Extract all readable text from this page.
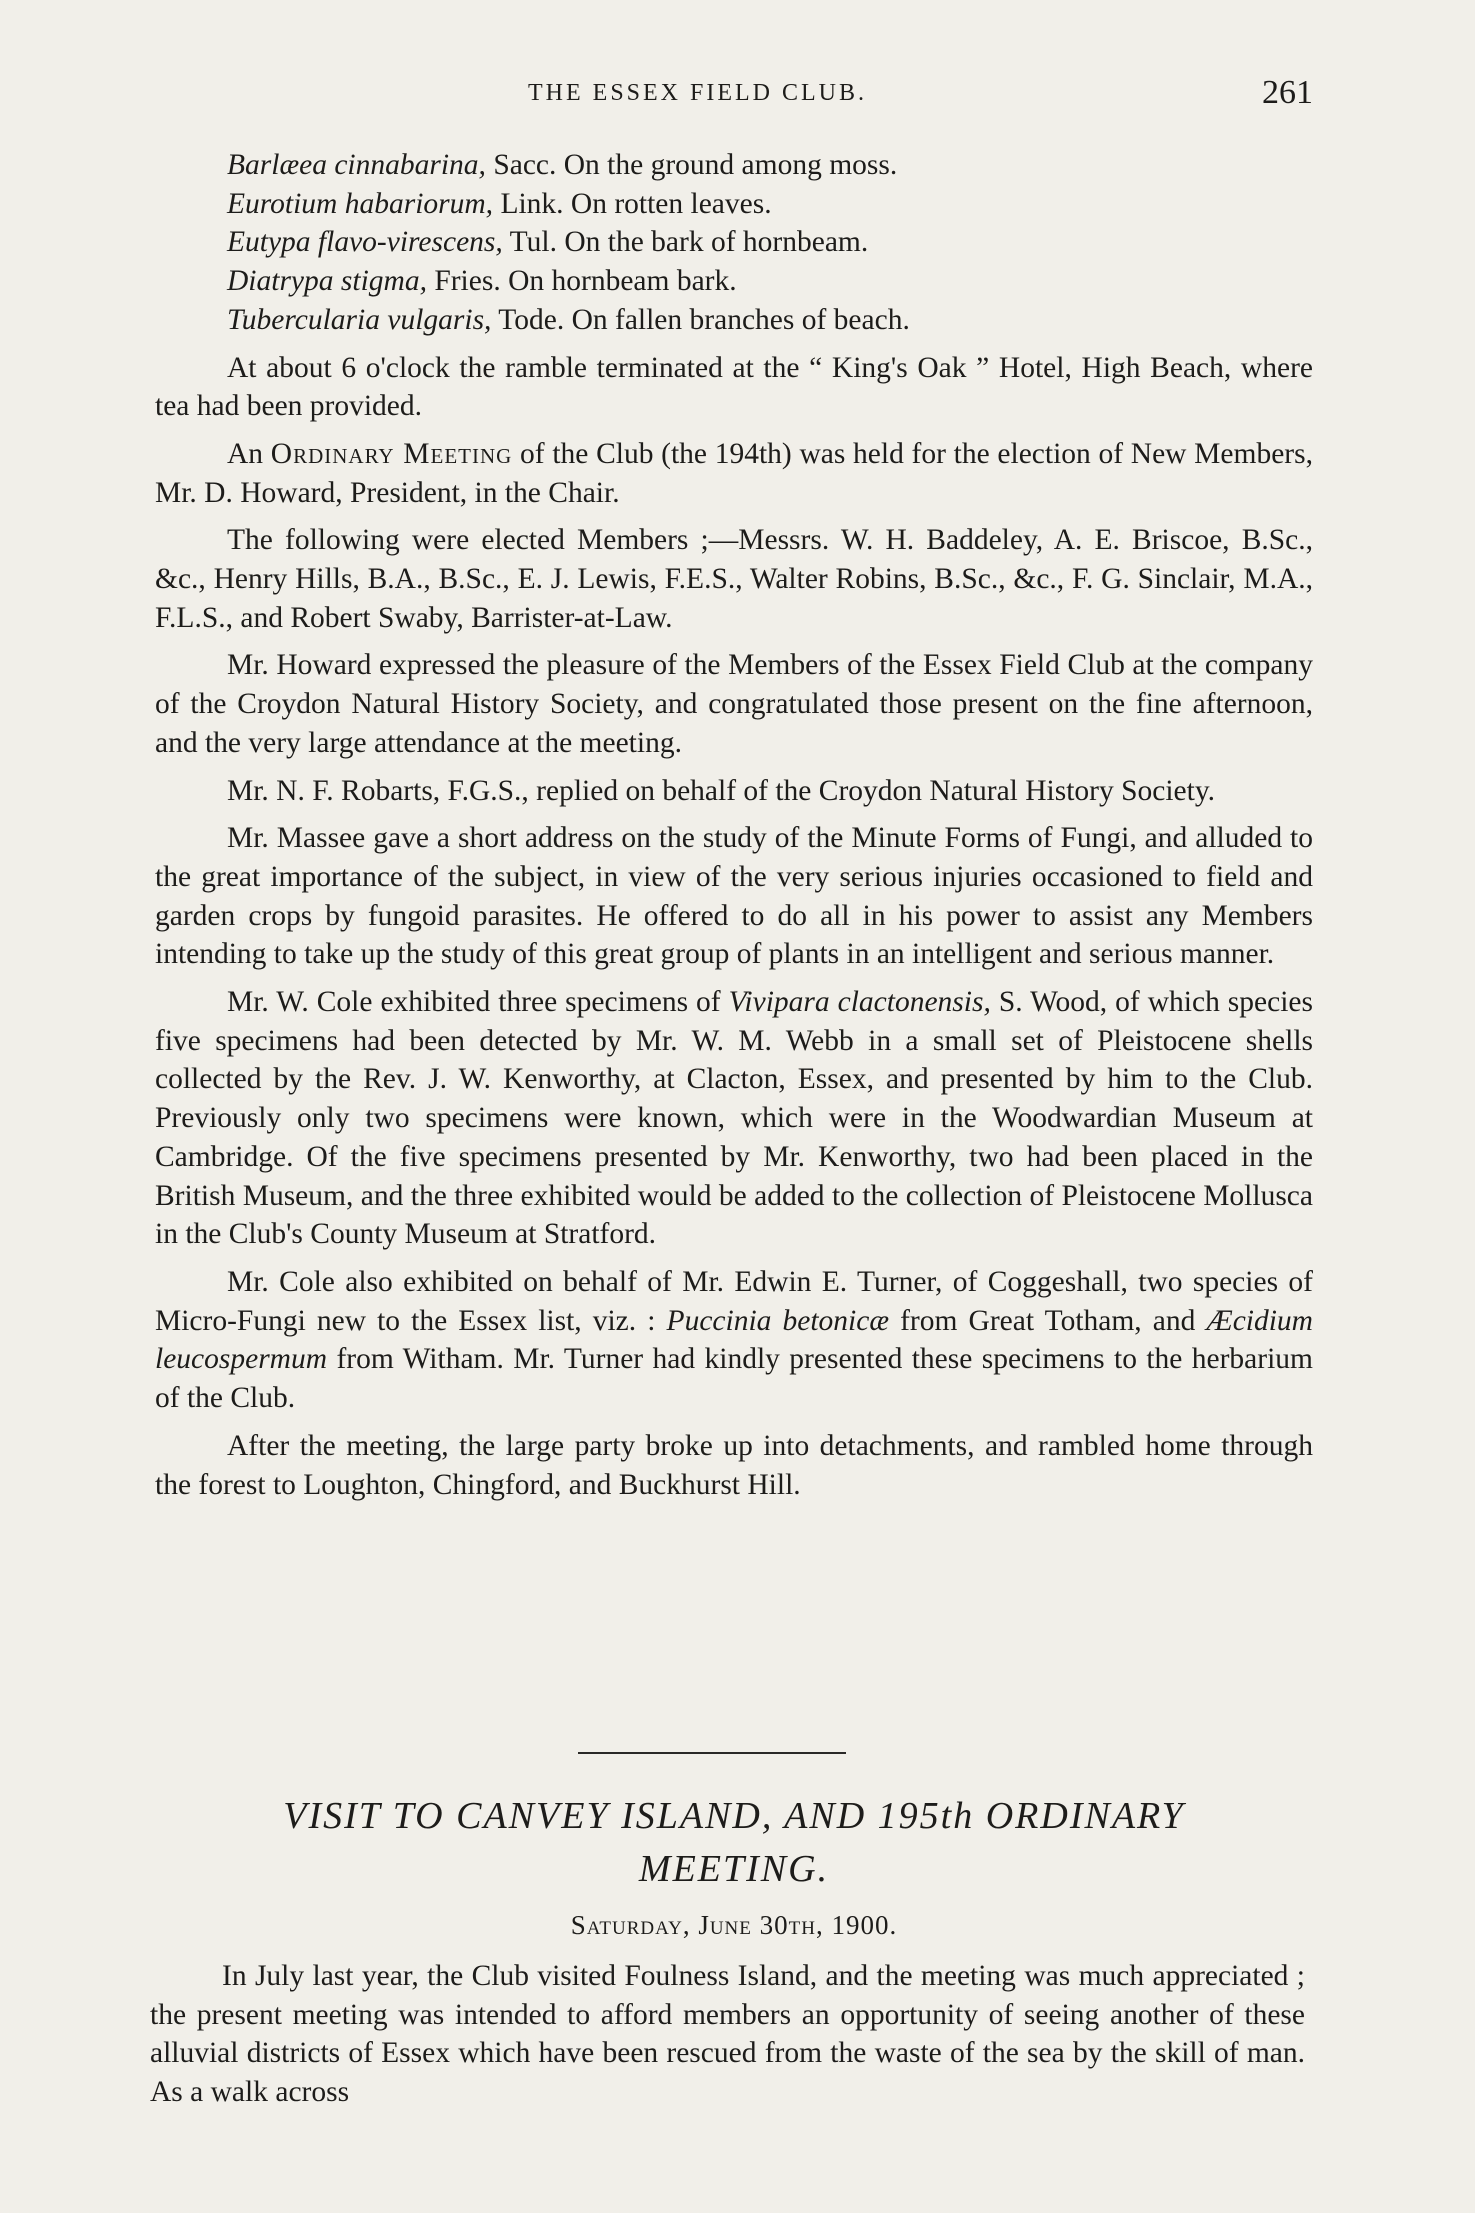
THE ESSEX FIELD CLUB.	261

Barlæea cinnabarina, Sacc. On the ground among moss.

Eurotium habariorum, Link. On rotten leaves.

Eutypa flavo-virescens, Tul. On the bark of hornbeam.

Diatrypa stigma, Fries. On hornbeam bark.

Tubercularia vulgaris, Tode. On fallen branches of beach.

At about 6 o'clock the ramble terminated at the “ King's Oak ” Hotel, High Beach, where tea had been provided.

An Ordinary Meeting of the Club (the 194th) was held for the election of New Members, Mr. D. Howard, President, in the Chair.

The following were elected Members ;—Messrs. W. H. Baddeley, A. E. Briscoe, B.Sc., &c., Henry Hills, B.A., B.Sc., E. J. Lewis, F.E.S., Walter Robins, B.Sc., &c., F. G. Sinclair, M.A., F.L.S., and Robert Swaby, Barrister-at-Law.

Mr. Howard expressed the pleasure of the Members of the Essex Field Club at the company of the Croydon Natural History Society, and congratulated those present on the fine afternoon, and the very large attendance at the meeting.

Mr. N. F. Robarts, F.G.S., replied on behalf of the Croydon Natural History Society.

Mr. Massee gave a short address on the study of the Minute Forms of Fungi, and alluded to the great importance of the subject, in view of the very serious injuries occasioned to field and garden crops by fungoid parasites. He offered to do all in his power to assist any Members intending to take up the study of this great group of plants in an intelligent and serious manner.

Mr. W. Cole exhibited three specimens of Vivipara clactonensis, S. Wood, of which species five specimens had been detected by Mr. W. M. Webb in a small set of Pleistocene shells collected by the Rev. J. W. Kenworthy, at Clacton, Essex, and presented by him to the Club. Previously only two specimens were known, which were in the Woodwardian Museum at Cambridge. Of the five specimens presented by Mr. Kenworthy, two had been placed in the British Museum, and the three exhibited would be added to the collection of Pleistocene Mollusca in the Club's County Museum at Stratford.

Mr. Cole also exhibited on behalf of Mr. Edwin E. Turner, of Coggeshall, two species of Micro-Fungi new to the Essex list, viz. : Puccinia betonicæ from Great Totham, and Æcidium leucospermum from Witham. Mr. Turner had kindly presented these specimens to the herbarium of the Club.

After the meeting, the large party broke up into detachments, and rambled home through the forest to Loughton, Chingford, and Buckhurst Hill.

VISIT TO CANVEY ISLAND, AND 195th ORDINARY
MEETING.
Saturday, June 30th, 1900.

In July last year, the Club visited Foulness Island, and the meeting was much appreciated ; the present meeting was intended to afford members an opportunity of seeing another of these alluvial districts of Essex which have been rescued from the waste of the sea by the skill of man. As a walk across
